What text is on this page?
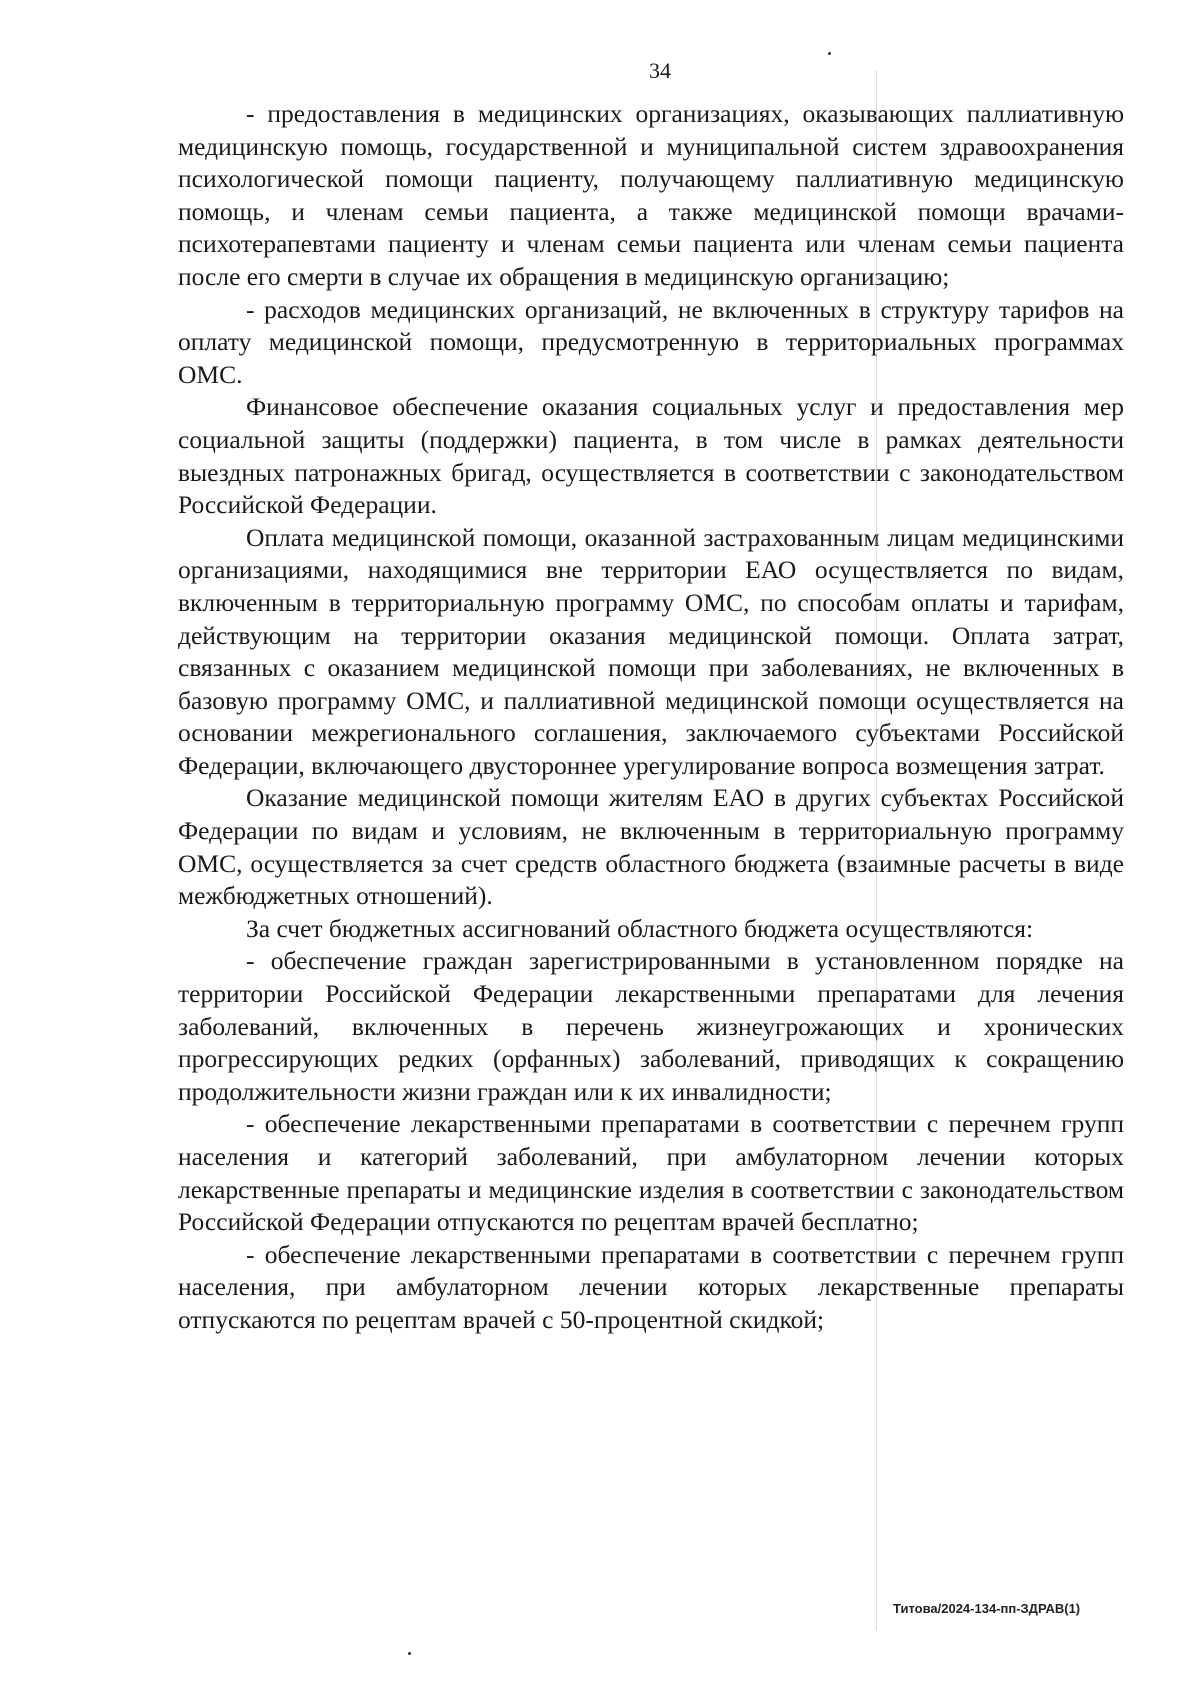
34

- предоставления в медицинских организациях, оказывающих паллиативную медицинскую помощь, государственной и муниципальной систем здравоохранения психологической помощи пациенту, получающему паллиативную медицинскую помощь, и членам семьи пациента, а также медицинской помощи врачами-психотерапевтами пациенту и членам семьи пациента или членам семьи пациента после его смерти в случае их обращения в медицинскую организацию;

- расходов медицинских организаций, не включенных в структуру тарифов на оплату медицинской помощи, предусмотренную в территориальных программах ОМС.

Финансовое обеспечение оказания социальных услуг и предоставления мер социальной защиты (поддержки) пациента, в том числе в рамках деятельности выездных патронажных бригад, осуществляется в соответствии с законодательством Российской Федерации.

Оплата медицинской помощи, оказанной застрахованным лицам медицинскими организациями, находящимися вне территории ЕАО осуществляется по видам, включенным в территориальную программу ОМС, по способам оплаты и тарифам, действующим на территории оказания медицинской помощи. Оплата затрат, связанных с оказанием медицинской помощи при заболеваниях, не включенных в базовую программу ОМС, и паллиативной медицинской помощи осуществляется на основании межрегионального соглашения, заключаемого субъектами Российской Федерации, включающего двустороннее урегулирование вопроса возмещения затрат.

Оказание медицинской помощи жителям ЕАО в других субъектах Российской Федерации по видам и условиям, не включенным в территориальную программу ОМС, осуществляется за счет средств областного бюджета (взаимные расчеты в виде межбюджетных отношений).

За счет бюджетных ассигнований областного бюджета осуществляются:

- обеспечение граждан зарегистрированными в установленном порядке на территории Российской Федерации лекарственными препаратами для лечения заболеваний, включенных в перечень жизнеугрожающих и хронических прогрессирующих редких (орфанных) заболеваний, приводящих к сокращению продолжительности жизни граждан или к их инвалидности;

- обеспечение лекарственными препаратами в соответствии с перечнем групп населения и категорий заболеваний, при амбулаторном лечении которых лекарственные препараты и медицинские изделия в соответствии с законодательством Российской Федерации отпускаются по рецептам врачей бесплатно;

- обеспечение лекарственными препаратами в соответствии с перечнем групп населения, при амбулаторном лечении которых лекарственные препараты отпускаются по рецептам врачей с 50-процентной скидкой;

Титова/2024-134-пп-ЗДРАВ(1)
